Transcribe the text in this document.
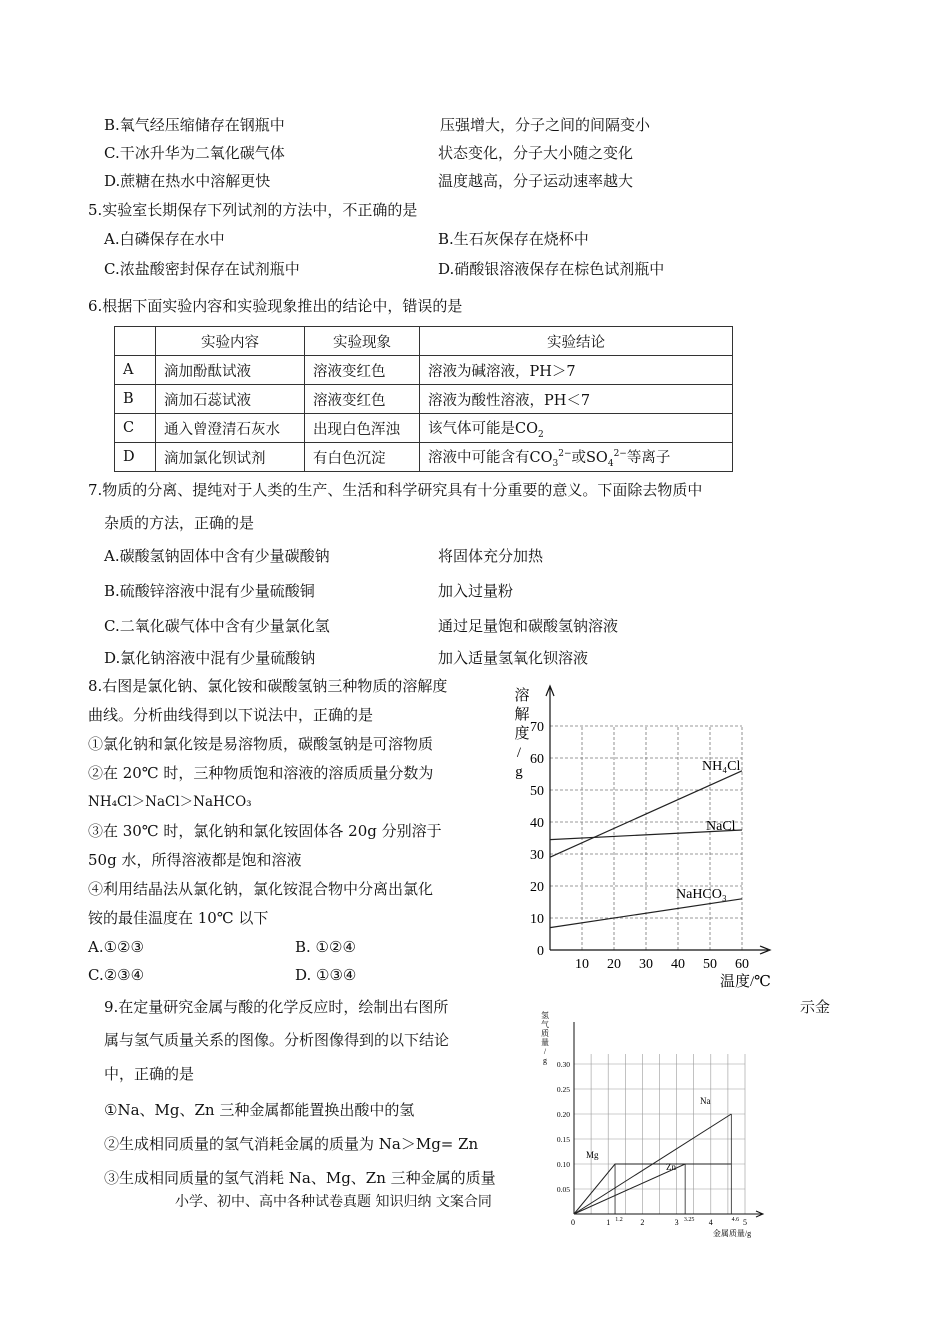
B.氧气经压缩储存在钢瓶中	压强增大，分子之间的间隔变小
C.干冰升华为二氧化碳气体	状态变化，分子大小随之变化
D.蔗糖在热水中溶解更快	温度越高，分子运动速率越大
5.实验室长期保存下列试剂的方法中，不正确的是
A.白磷保存在水中	B.生石灰保存在烧杯中
C.浓盐酸密封保存在试剂瓶中	D.硝酸银溶液保存在棕色试剂瓶中
6.根据下面实验内容和实验现象推出的结论中，错误的是
	实验内容	实验现象	实验结论
A	滴加酚酞试液	溶液变红色	溶液为碱溶液，PH＞7
B	滴加石蕊试液	溶液变红色	溶液为酸性溶液，PH＜7
C	通入曾澄清石灰水	出现白色浑浊	该气体可能是$CO_2$
D	滴加氯化钡试剂	有白色沉淀	溶液中可能含有$CO_3^{2-}$或$SO_4^{2-}$等离子
7.物质的分离、提纯对于人类的生产、生活和科学研究具有十分重要的意义。下面除去物质中
杂质的方法，正确的是
A.碳酸氢钠固体中含有少量碳酸钠	将固体充分加热
B.硫酸锌溶液中混有少量硫酸铜	加入过量粉
C.二氧化碳气体中含有少量氯化氢	通过足量饱和碳酸氢钠溶液
D.氯化钠溶液中混有少量硫酸钠	加入适量氢氧化钡溶液
8.右图是氯化钠、氯化铵和碳酸氢钠三种物质的溶解度
曲线。分析曲线得到以下说法中，正确的是
①氯化钠和氯化铵是易溶物质，碳酸氢钠是可溶物质
②在 20℃ 时，三种物质饱和溶液的溶质质量分数为
NH₄Cl＞NaCl＞NaHCO₃
③在 30℃ 时，氯化钠和氯化铵固体各 20g 分别溶于
50g 水，所得溶液都是饱和溶液
④利用结晶法从氯化钠，氯化铵混合物中分离出氯化
铵的最佳温度在 10℃ 以下
A.①②③	B. ①②④
C.②③④	D. ①③④
10 20 30 40 50 60
0
10
20
30
40
50
60
70
溶
解
度
/
g
温度/℃
NH₄Cl
NaCl
NaHCO₃
9.在定量研究金属与酸的化学反应时，绘制出右图所	示金
属与氢气质量关系的图像。分析图像得到的以下结论
中，正确的是
①Na、Mg、Zn 三种金属都能置换出酸中的氢
②生成相同质量的氢气消耗金属的质量为 Na＞Mg= Zn
③生成相同质量的氢气消耗 Na、Mg、Zn 三种金属的质量
小学、初中、高中各种试卷真题 知识归纳 文案合同
1 1.2 2	3 3.25 4	4.6 5
0
0.05
0.10
0.15
0.20
0.25
0.30
氢
气
质
量
/
g
金属质量/g
Na
Mg
Zn
